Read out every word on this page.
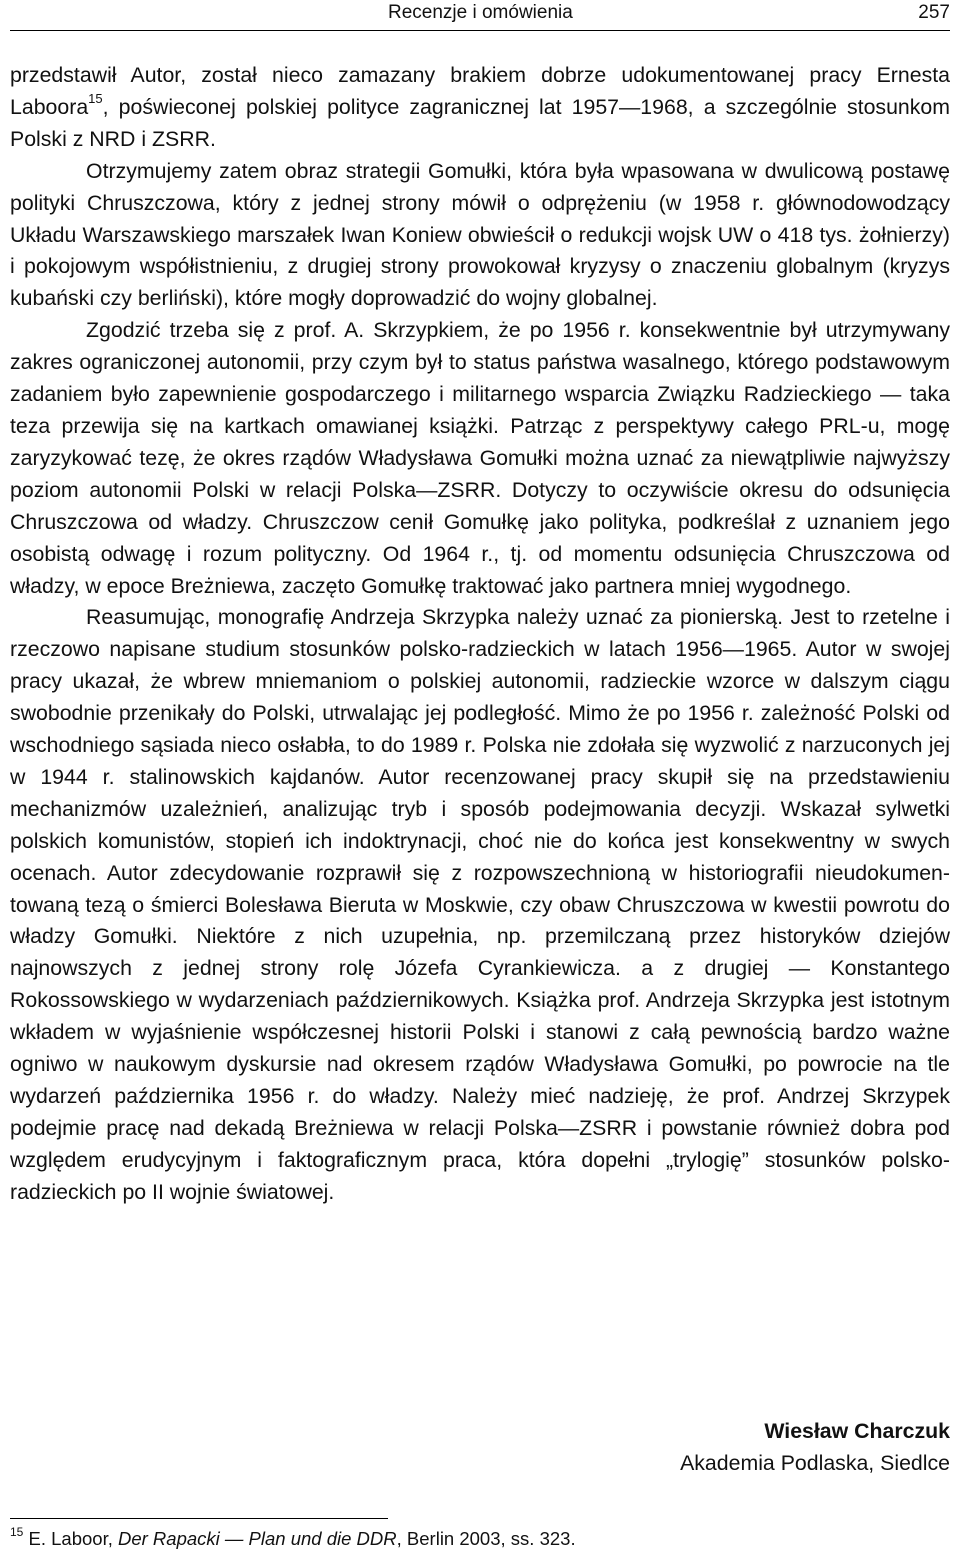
Recenzje i omówienia	257

przedstawił Autor, został nieco zamazany brakiem dobrze udokumentowanej pracy Ernesta Laboora$^{15}$, poświeconej polskiej polityce zagranicznej lat 1957—1968, a szczególnie stosunkom Polski z NRD i ZSRR.

Otrzymujemy zatem obraz strategii Gomułki, która była wpasowana w dwulicową postawę polityki Chruszczowa, który z jednej strony mówił o odprężeniu (w 1958 r. głównodowodzący Układu Warszawskiego marszałek Iwan Koniew obwieścił o redukcji wojsk UW o 418 tys. żołnierzy) i pokojowym współistnieniu, z drugiej strony prowokował kryzysy o znaczeniu globalnym (kryzys kubański czy berliński), które mogły doprowadzić do wojny globalnej.

Zgodzić trzeba się z prof. A. Skrzypkiem, że po 1956 r. konsekwentnie był utrzymywany zakres ograniczonej autonomii, przy czym był to status państwa wasalnego, którego podstawowym zadaniem było zapewnienie gospodarczego i militarnego wsparcia Związku Radzieckiego — taka teza przewija się na kartkach omawianej książki. Patrząc z perspektywy całego PRL-u, mogę zaryzykować tezę, że okres rządów Władysława Gomułki można uznać za niewątpliwie najwyższy poziom autonomii Polski w relacji Polska—ZSRR. Dotyczy to oczywiście okresu do odsunięcia Chruszczowa od władzy. Chruszczow cenił Gomułkę jako polityka, podkreślał z uznaniem jego osobistą odwagę i rozum polityczny. Od 1964 r., tj. od momentu odsunięcia Chruszczowa od władzy, w epoce Breżniewa, zaczęto Gomułkę traktować jako partnera mniej wygodnego.

Reasumując, monografię Andrzeja Skrzypka należy uznać za pionierską. Jest to rzetelne i rzeczowo napisane studium stosunków polsko-radzieckich w latach 1956—1965. Autor w swojej pracy ukazał, że wbrew mniemaniom o polskiej autonomii, radzieckie wzorce w dalszym ciągu swobodnie przenikały do Polski, utrwalając jej podległość. Mimo że po 1956 r. zależność Polski od wschodniego sąsiada nieco osłabła, to do 1989 r. Polska nie zdołała się wyzwolić z narzuconych jej w 1944 r. stalinowskich kajdanów. Autor recenzowanej pracy skupił się na przedstawieniu mechanizmów uzależnień, analizując tryb i sposób podejmowania decyzji. Wskazał sylwetki polskich komunistów, stopień ich indoktrynacji, choć nie do końca jest konsekwentny w swych ocenach. Autor zdecydowanie rozprawił się z rozpowszechnioną w historiografii nieudokumentowaną tezą o śmierci Bolesława Bieruta w Moskwie, czy obaw Chruszczowa w kwestii powrotu do władzy Gomułki. Niektóre z nich uzupełnia, np. przemilczaną przez historyków dziejów najnowszych z jednej strony rolę Józefa Cyrankiewicza. a z drugiej — Konstantego Rokossowskiego w wydarzeniach październikowych. Książka prof. Andrzeja Skrzypka jest istotnym wkładem w wyjaśnienie współczesnej historii Polski i stanowi z całą pewnością bardzo ważne ogniwo w naukowym dyskursie nad okresem rządów Władysława Gomułki, po powrocie na tle wydarzeń października 1956 r. do władzy. Należy mieć nadzieję, że prof. Andrzej Skrzypek podejmie pracę nad dekadą Breżniewa w relacji Polska—ZSRR i powstanie również dobra pod względem erudycyjnym i faktograficznym praca, która dopełni „trylogię” stosunków polskoradzieckich po II wojnie światowej.

Wiesław Charczuk
Akademia Podlaska, Siedlce
$^{15}$ E. Laboor, Der Rapacki — Plan und die DDR, Berlin 2003, ss. 323.
